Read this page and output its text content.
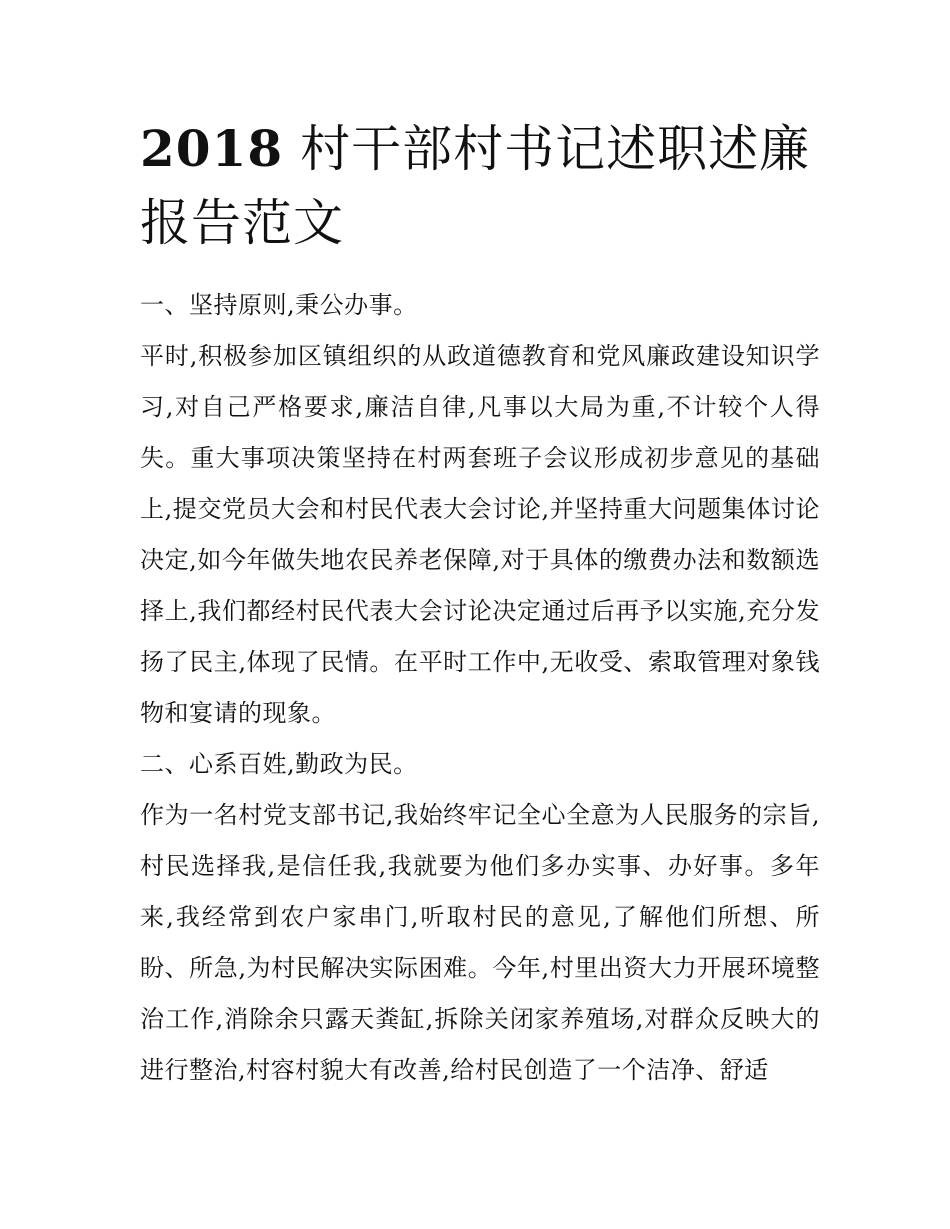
2018 村干部村书记述职述廉报告范文

一、坚持原则,秉公办事。

平时,积极参加区镇组织的从政道德教育和党风廉政建设知识学习,对自己严格要求,廉洁自律,凡事以大局为重,不计较个人得失。重大事项决策坚持在村两套班子会议形成初步意见的基础上,提交党员大会和村民代表大会讨论,并坚持重大问题集体讨论决定,如今年做失地农民养老保障,对于具体的缴费办法和数额选择上,我们都经村民代表大会讨论决定通过后再予以实施,充分发扬了民主,体现了民情。在平时工作中,无收受、索取管理对象钱物和宴请的现象。

二、心系百姓,勤政为民。

作为一名村党支部书记,我始终牢记全心全意为人民服务的宗旨,村民选择我,是信任我,我就要为他们多办实事、办好事。多年来,我经常到农户家串门,听取村民的意见,了解他们所想、所盼、所急,为村民解决实际困难。今年,村里出资大力开展环境整治工作,消除余只露天粪缸,拆除关闭家养殖场,对群众反映大的进行整治,村容村貌大有改善,给村民创造了一个洁净、舒适
